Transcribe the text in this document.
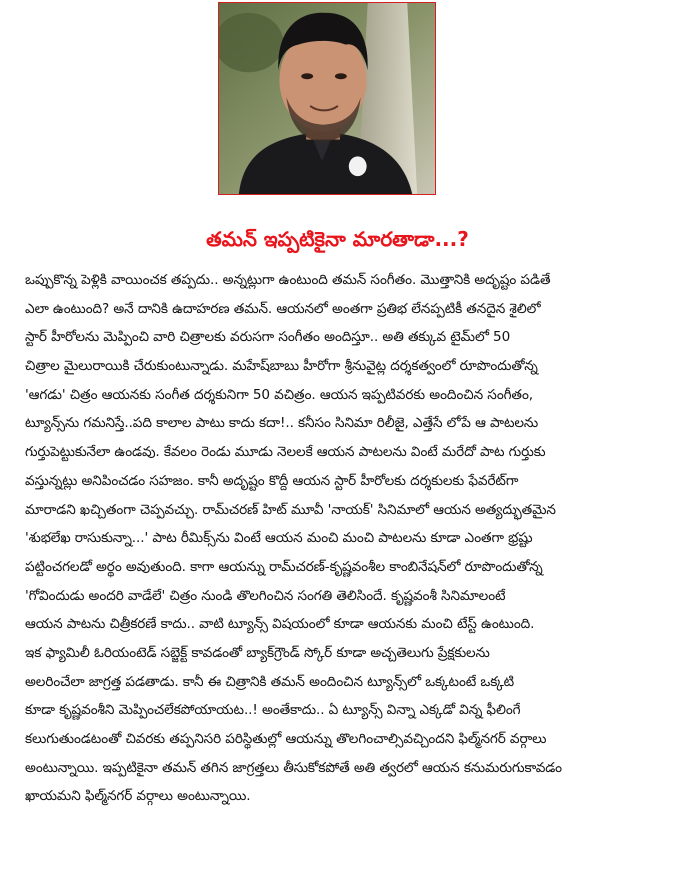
తమన్ ఇప్పటికైనా మారతాడా...?
ఒప్పుకొన్న పెళ్లికి వాయించక తప్పదు.. అన్నట్లుగా ఉంటుంది తమన్ సంగీతం. మొత్తానికి అదృష్టం పడితే
ఎలా ఉంటుంది? అనే దానికి ఉదాహరణ తమన్. ఆయనలో అంతగా ప్రతిభ లేనప్పటికీ తనదైన శైలిలో
స్టార్ హీరోలను మెప్పించి వారి చిత్రాలకు వరుసగా సంగీతం అందిస్తూ.. అతి తక్కువ టైమ్‌లో 50
చిత్రాల మైలురాయికి చేరుకుంటున్నాడు. మహేష్‌బాబు హీరోగా శ్రీనువైట్ల దర్శకత్వంలో రూపొందుతోన్న
'ఆగడు' చిత్రం ఆయనకు సంగీత దర్శకునిగా 50 వచిత్రం. ఆయన ఇప్పటివరకు అందించిన సంగీతం,
ట్యూన్స్‌ను గమనిస్తే..పది కాలాల పాటు కాదు కదా!.. కనీసం సినిమా రిలీజై, ఎత్తేసే లోపే ఆ పాటలను
గుర్తుపెట్టుకునేలా ఉండవు. కేవలం రెండు మూడు నెలలకే ఆయన పాటలను వింటే మరేదో పాట గుర్తుకు
వస్తున్నట్లు అనిపించడం సహజం. కానీ అదృష్టం కొద్దీ ఆయన స్టార్ హీరోలకు దర్శకులకు ఫేవరేట్‌గా
మారాడని ఖచ్చితంగా చెప్పవచ్చు. రామ్‌చరణ్ హిట్ మూవీ 'నాయక్' సినిమాలో ఆయన అత్యద్భుతమైన
'శుభలేఖ రాసుకున్నా...' పాట రీమిక్స్‌ను వింటే ఆయన మంచి మంచి పాటలను కూడా ఎంతగా భ్రష్టు
పట్టించగలడో అర్థం అవుతుంది. కాగా ఆయన్ను రామ్‌చరణ్-కృష్ణవంశీల కాంబినేషన్‌లో రూపొందుతోన్న
'గోవిందుడు అందరి వాడేలే' చిత్రం నుండి తొలగించిన సంగతి తెలిసిందే. కృష్ణవంశీ సినిమాలంటే
ఆయన పాటను చిత్రీకరణే కాదు.. వాటి ట్యూన్స్ విషయంలో కూడా ఆయనకు మంచి టేస్ట్ ఉంటుంది.
ఇక ఫ్యామిలీ ఓరియంటెడ్ సబ్జెక్ట్ కావడంతో బ్యాక్‌గ్రౌండ్ స్కోర్ కూడా అచ్చతెలుగు ప్రేక్షకులను
అలరించేలా జాగ్రత్త పడతాడు. కానీ ఈ చిత్రానికి తమన్ అందించిన ట్యూన్స్‌లో ఒక్కటంటే ఒక్కటి
కూడా కృష్ణవంశీని మెప్పించలేకపోయాయట..! అంతేకాదు.. ఏ ట్యూన్స్ విన్నా ఎక్కడో విన్న ఫీలింగే
కలుగుతుండటంతో చివరకు తప్పనిసరి పరిస్థితుల్లో ఆయన్ను తొలగించాల్సివచ్చిందని ఫిల్మ్‌నగర్ వర్గాలు
అంటున్నాయి. ఇప్పటికైనా తమన్ తగిన జాగ్రత్తలు తీసుకోకపోతే అతి త్వరలో ఆయన కనుమరుగుకావడం
ఖాయమని ఫిల్మ్‌నగర్ వర్గాలు అంటున్నాయి.
